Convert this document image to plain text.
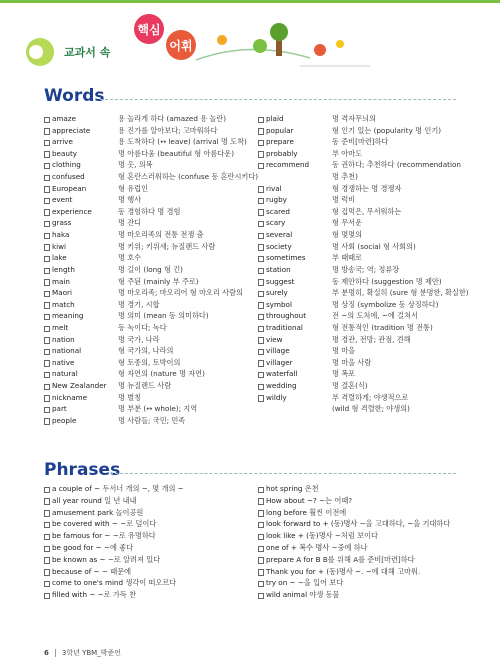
교과서 속
핵심
어휘
Words
amaze	용 놀라게 하다 (amazed 용 놀란)
appreciate	용 진가를 알아보다; 고마워하다
arrive	용 도착하다 (↔ leave) (arrival 명 도착)
beauty	명 아름다움 (beautiful 형 아름다운)
clothing	명 옷, 의복
confused	형 혼란스러워하는 (confuse 동 혼란시키다)
European	형 유럽인
event	명 행사
experience	동 경험하다 명 경험
grass	명 잔디
haka	명 마오리족의 전통 전쟁 춤
kiwi	명 키위; 키위새; 뉴질랜드 사람
lake	명 호수
length	명 길이 (long 형 긴)
main	형 주된 (mainly 부 주로)
Maori	명 마오리족; 마오리어 형 마오리 사람의
match	명 경기, 시합
meaning	명 의미 (mean 동 의미하다)
melt	동 녹이다; 녹다
nation	명 국가, 나라
national	형 국가의, 나라의
native	형 토종의, 토박이의
natural	형 자연의 (nature 명 자연)
New Zealander 명 뉴질랜드 사람
nickname	명 별칭
part	명 부분 (↔ whole); 지역
people	명 사람들; 국민; 민족
plaid	명 격자무늬의
popular	형 인기 있는 (popularity 명 인기)
prepare	동 준비[마련]하다
probably	부 아마도
recommend	동 권하다; 추천하다 (recommendation
명 추천)
rival	형 경쟁하는 명 경쟁자
rugby	명 럭비
scared	형 겁먹은, 무서워하는
scary	형 무서운
several	형 몇몇의
society	명 사회 (social 형 사회의)
sometimes	부 때때로
station	명 방송국; 역; 정류장
suggest	동 제안하다 (suggestion 명 제안)
surely	부 분명히, 확실히 (sure 형 분명한, 확실한)
symbol	명 상징 (symbolize 동 상징하다)
throughout	전 ~의 도처에, ~에 걸쳐서
traditional	형 전통적인 (tradition 명 전통)
view	명 경관, 전망; 관점, 견해
village	명 마을
villager	명 마을 사람
waterfall	명 폭포
wedding	명 결혼(식)
wildly	부 격렬하게; 야생적으로
(wild 형 격렬한; 야생의)
Phrases
a couple of ~ 두서너 개의 ~, 몇 개의 ~
all year round 일 년 내내
amusement park 놀이공원
be covered with ~ ~로 덮이다
be famous for ~ ~로 유명하다
be good for ~ ~에 좋다
be known as ~ ~로 알려져 있다
because of ~ ~ 때문에
come to one's mind 생각이 떠오르다
filled with ~ ~로 가득 찬
hot spring 온천
How about ~? ~는 어때?
long before 훨씬 이전에
look forward to + (동)명사 ~을 고대하다, ~을 기대하다
look like + (동)명사 ~처럼 보이다
one of + 복수 명사 ~중에 하나
prepare A for B B를 위해 A를 준비[마련]하다
Thank you for + (동)명사 ~. ~에 대해 고마워.
try on ~ ~을 입어 보다
wild animal 야생 동물
6 3학년 YBM_박준언
